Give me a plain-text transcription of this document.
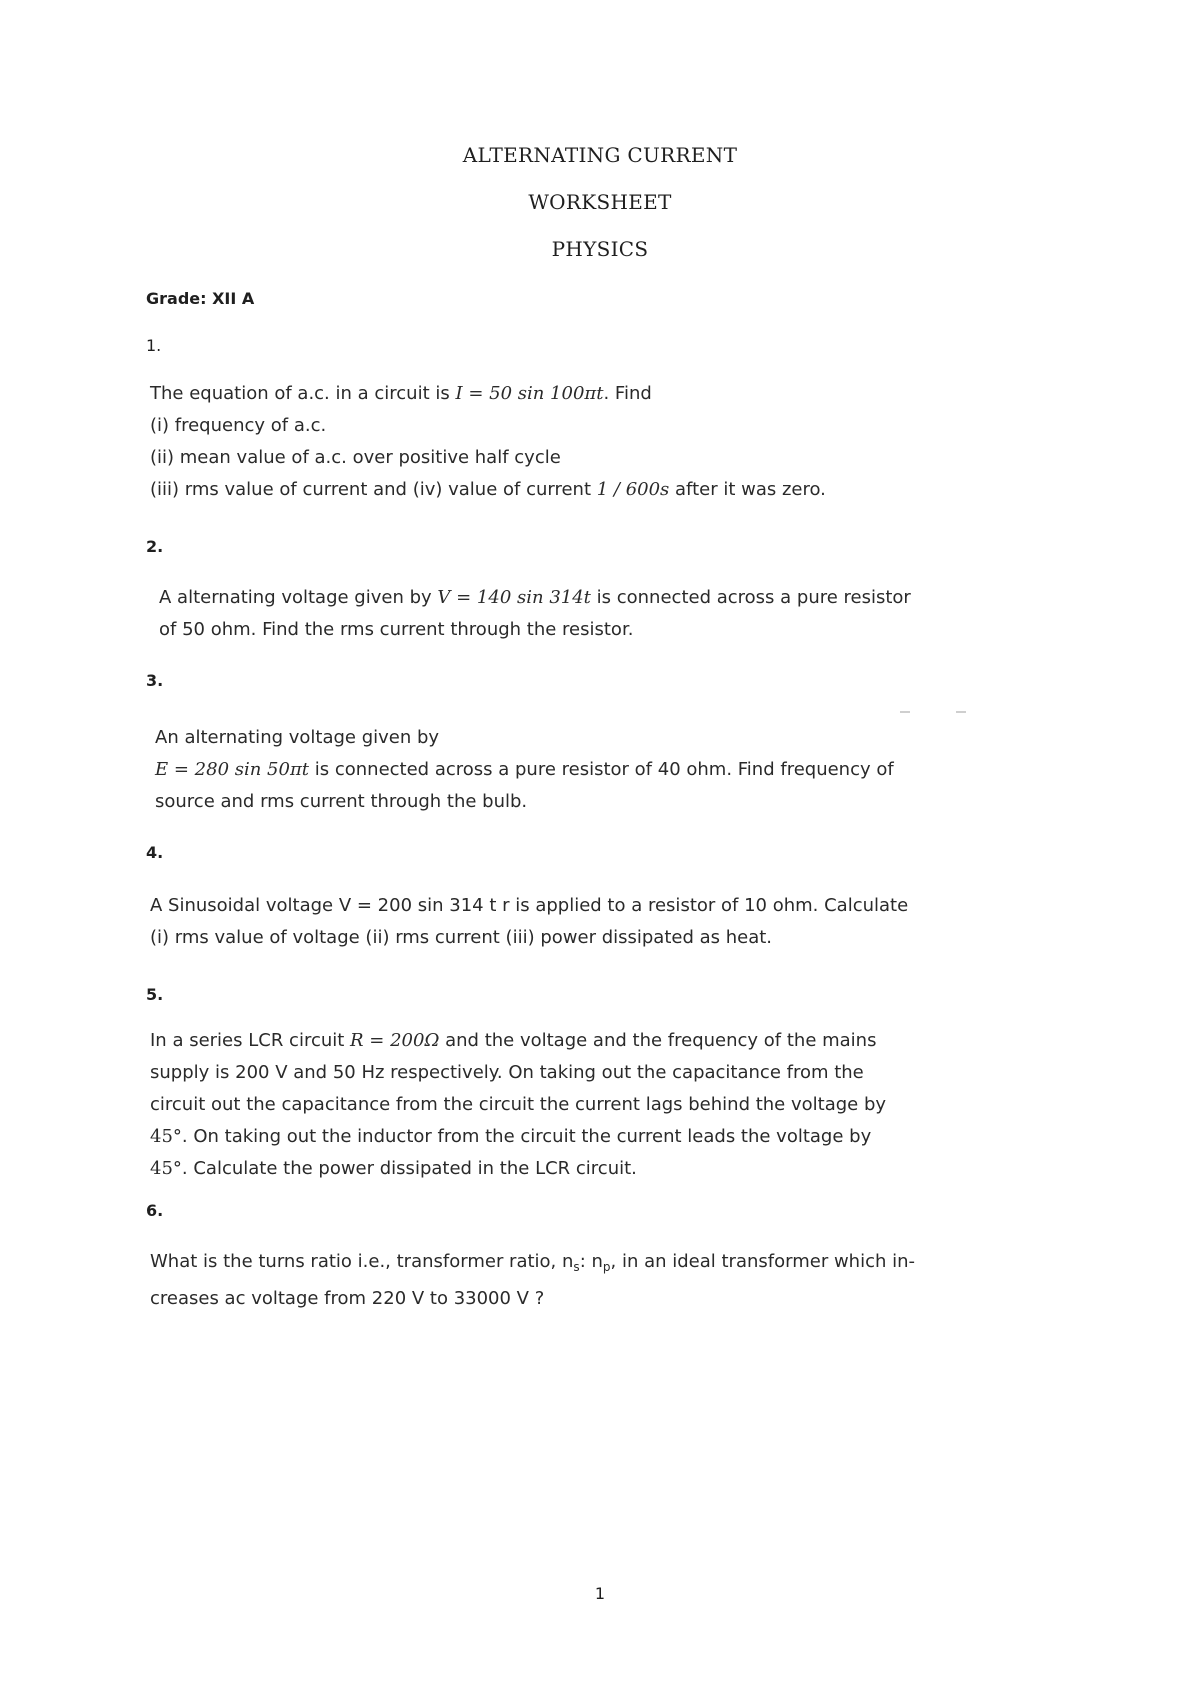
ALTERNATING CURRENT
WORKSHEET
PHYSICS
Grade: XII A
1.
The equation of a.c. in a circuit is I = 50 sin 100πt. Find
(i) frequency of a.c.
(ii) mean value of a.c. over positive half cycle
(iii) rms value of current and (iv) value of current 1 / 600s after it was zero.
2.
A alternating voltage given by V = 140 sin 314t is connected across a pure resistor
of 50 ohm. Find the rms current through the resistor.
3.
An alternating voltage given by
E = 280 sin 50πt is connected across a pure resistor of 40 ohm. Find frequency of
source and rms current through the bulb.
4.
A Sinusoidal voltage V = 200 sin 314 t r is applied to a resistor of 10 ohm. Calculate
(i) rms value of voltage (ii) rms current (iii) power dissipated as heat.
5.
In a series LCR circuit R = 200Ω and the voltage and the frequency of the mains
supply is 200 V and 50 Hz respectively. On taking out the capacitance from the
circuit out the capacitance from the circuit the current lags behind the voltage by
45°. On taking out the inductor from the circuit the current leads the voltage by
45°. Calculate the power dissipated in the LCR circuit.
6.
What is the turns ratio i.e., transformer ratio, $n_s$: $n_p$, in an ideal transformer which in-
creases ac voltage from 220 V to 33000 V ?
1
